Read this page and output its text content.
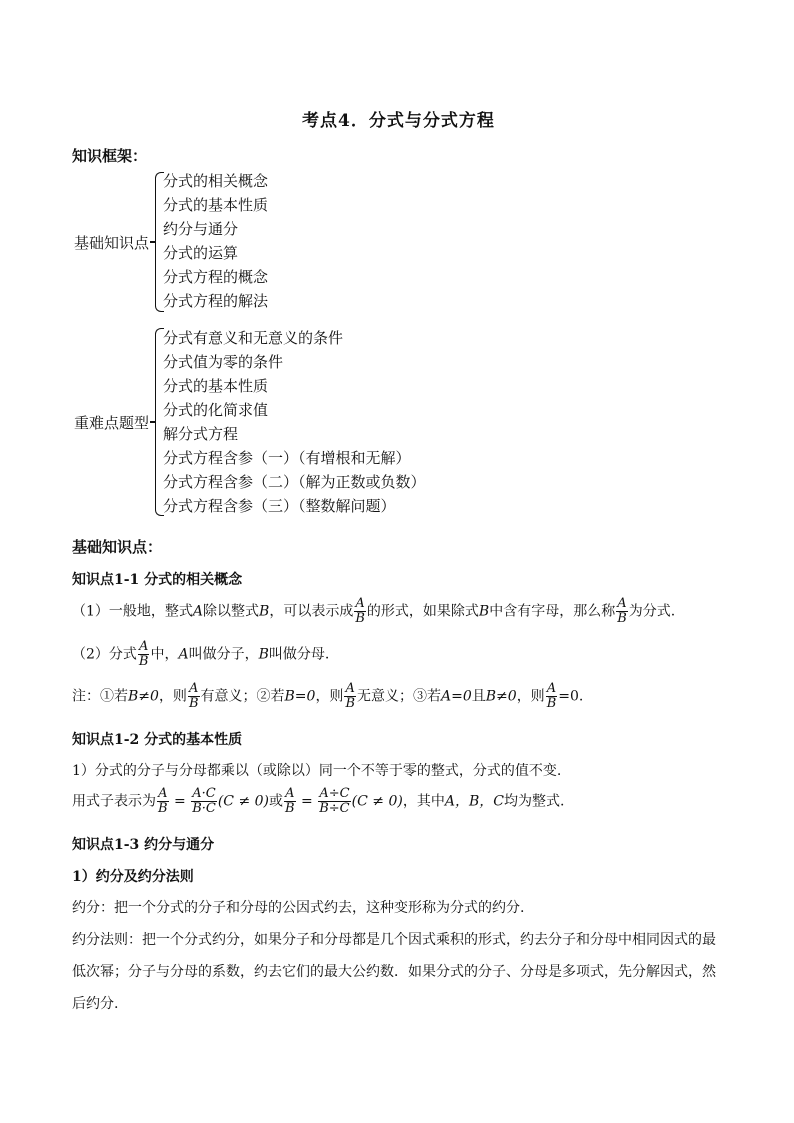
考点4．分式与分式方程
知识框架：
基础知识点
分式的相关概念
分式的基本性质
约分与通分
分式的运算
分式方程的概念
分式方程的解法
重难点题型
分式有意义和无意义的条件
分式值为零的条件
分式的基本性质
分式的化简求值
解分式方程
分式方程含参（一）（有增根和无解）
分式方程含参（二）（解为正数或负数）
分式方程含参（三）（整数解问题）
基础知识点：
知识点1-1 分式的相关概念
（1）一般地，整式A除以整式B，可以表示成 $\frac{A}{B}$ 的形式，如果除式B中含有字母，那么称 $\frac{A}{B}$ 为分式.
（2）分式 $\frac{A}{B}$ 中，A叫做分子，B叫做分母.
注：①若B≠0，则 $\frac{A}{B}$ 有意义；②若B=0，则 $\frac{A}{B}$ 无意义；③若A=0且B≠0，则 $\frac{A}{B} =0$.
知识点1-2 分式的基本性质
1）分式的分子与分母都乘以（或除以）同一个不等于零的整式，分式的值不变.
用式子表示为 $\frac{A}{B} = \frac{A\cdot C}{B\cdot C} (C \ne 0)$或 $\frac{A}{B} = \frac{A\div C}{B\div C} (C \ne 0)$，其中A，B，C均为整式.
知识点1-3 约分与通分
1）约分及约分法则
约分：把一个分式的分子和分母的公因式约去，这种变形称为分式的约分.
约分法则：把一个分式约分，如果分子和分母都是几个因式乘积的形式，约去分子和分母中相同因式的最
低次幂；分子与分母的系数，约去它们的最大公约数．如果分式的分子、分母是多项式，先分解因式，然
后约分.
